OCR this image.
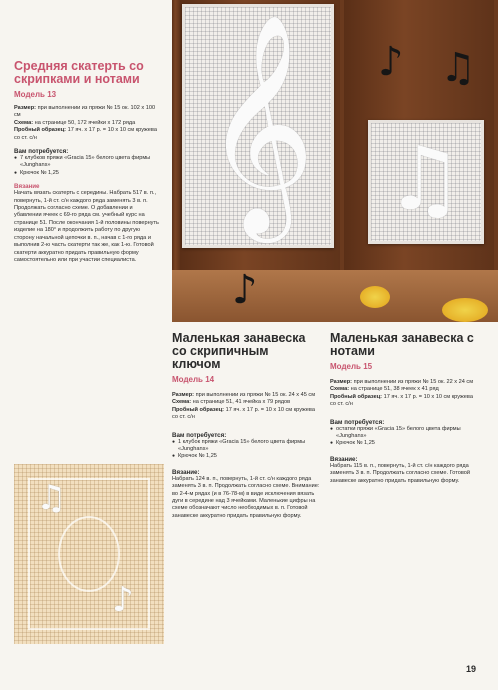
𝄞 ♫
♪ ♫
♪
Средняя скатерть со скрипками и нотами
Модель 13
Размер: при выполнении из пряжи № 15 ок. 102 х 100 см
Схема: на странице 50, 172 ячейки х 172 ряда
Пробный образец: 17 яч. х 17 р. = 10 х 10 см кружева со ст. с/н
Вам потребуется:
● 7 клубков пряжи «Gracia 15» белого цвета фирмы «Junghans»
● Крючок № 1,25
Вязание
Начать вязать скатерть с середины. Набрать 517 в. п., повернуть, 1-й ст. с/н каждого ряда заменять 3 в. п. Продолжать согласно схеме. О добавлении и убавлении ячеек с 69-го ряда см. учебный курс на странице 51. После окончания 1-й половины повернуть изделие на 180° и продолжить работу по другую сторону начальной цепочки в. п., начав с 1-го ряда и выполнив 2-ю часть скатерти так же, как 1-ю. Готовой скатерти аккуратно придать правильную форму самостоятельно или при участии специалиста.
♫
♪
Маленькая занавеска со скрипичным ключом
Модель 14
Размер: при выполнении из пряжи № 15 ок. 24 х 45 см
Схема: на странице 51, 41 ячейка х 79 рядов
Пробный образец: 17 яч. х 17 р. = 10 х 10 см кружева со ст. с/н
Вам потребуется:
● 1 клубок пряжи «Gracia 15» белого цвета фирмы «Junghans»
● Крючок № 1,25
Вязание:
Набрать 124 в. п., повернуть, 1-й ст. с/н каждого ряда заменять 3 в. п. Продолжать согласно схеме. Внимание: во 2-4-м рядах (и в 76-78-м) в виде исключения вязать дуги в середине над 3 ячейками. Маленькие цифры на схеме обозначают число необходимых в. п. Готовой занавеске аккуратно придать правильную форму.
Маленькая занавеска с нотами
Модель 15
Размер: при выполнении из пряжи № 15 ок. 22 х 24 см
Схема: на странице 51, 38 ячеек х 41 ряд
Пробный образец: 17 яч. х 17 р. = 10 х 10 см кружева со ст. с/н
Вам потребуется:
● остатки пряжи «Gracia 15» белого цвета фирмы «Junghans»
● Крючок № 1,25
Вязание:
Набрать 115 в. п., повернуть, 1-й ст. с/н каждого ряда заменять 3 в. п. Продолжать согласно схеме. Готовой занавеске аккуратно придать правильную форму.
19
